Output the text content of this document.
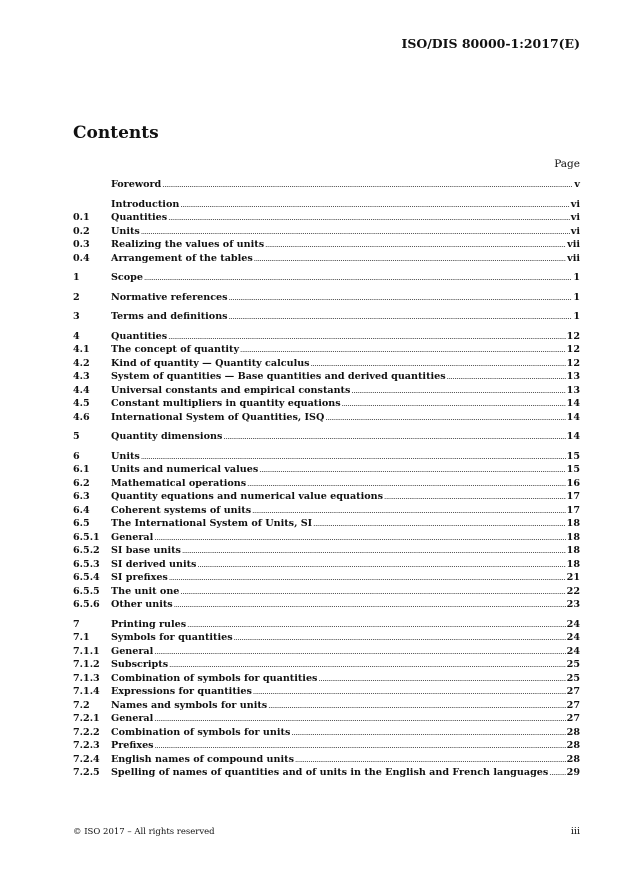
ISO/DIS 80000-1:2017(E)
Contents
Page
Foreword .....	v
Introduction .....	vi
0.1	Quantities .....	vi
0.2	Units .....	vi
0.3	Realizing the values of units .....	vii
0.4	Arrangement of the tables .....	vii
1	Scope .....	1
2	Normative references .....	1
3	Terms and definitions .....	1
4	Quantities .....	12
4.1	The concept of quantity .....	12
4.2	Kind of quantity — Quantity calculus .....	12
4.3	System of quantities — Base quantities and derived quantities .....	13
4.4	Universal constants and empirical constants .....	13
4.5	Constant multipliers in quantity equations .....	14
4.6	International System of Quantities, ISQ .....	14
5	Quantity dimensions .....	14
6	Units .....	15
6.1	Units and numerical values .....	15
6.2	Mathematical operations .....	16
6.3	Quantity equations and numerical value equations .....	17
6.4	Coherent systems of units .....	17
6.5	The International System of Units, SI .....	18
6.5.1	General .....	18
6.5.2	SI base units .....	18
6.5.3	SI derived units .....	18
6.5.4	SI prefixes .....	21
6.5.5	The unit one .....	22
6.5.6	Other units .....	23
7	Printing rules .....	24
7.1	Symbols for quantities .....	24
7.1.1	General .....	24
7.1.2	Subscripts .....	25
7.1.3	Combination of symbols for quantities .....	25
7.1.4	Expressions for quantities .....	27
7.2	Names and symbols for units .....	27
7.2.1	General .....	27
7.2.2	Combination of symbols for units .....	28
7.2.3	Prefixes .....	28
7.2.4	English names of compound units .....	28
7.2.5	Spelling of names of quantities and of units in the English and French languages ..... 29
© ISO 2017 – All rights reserved	iii
